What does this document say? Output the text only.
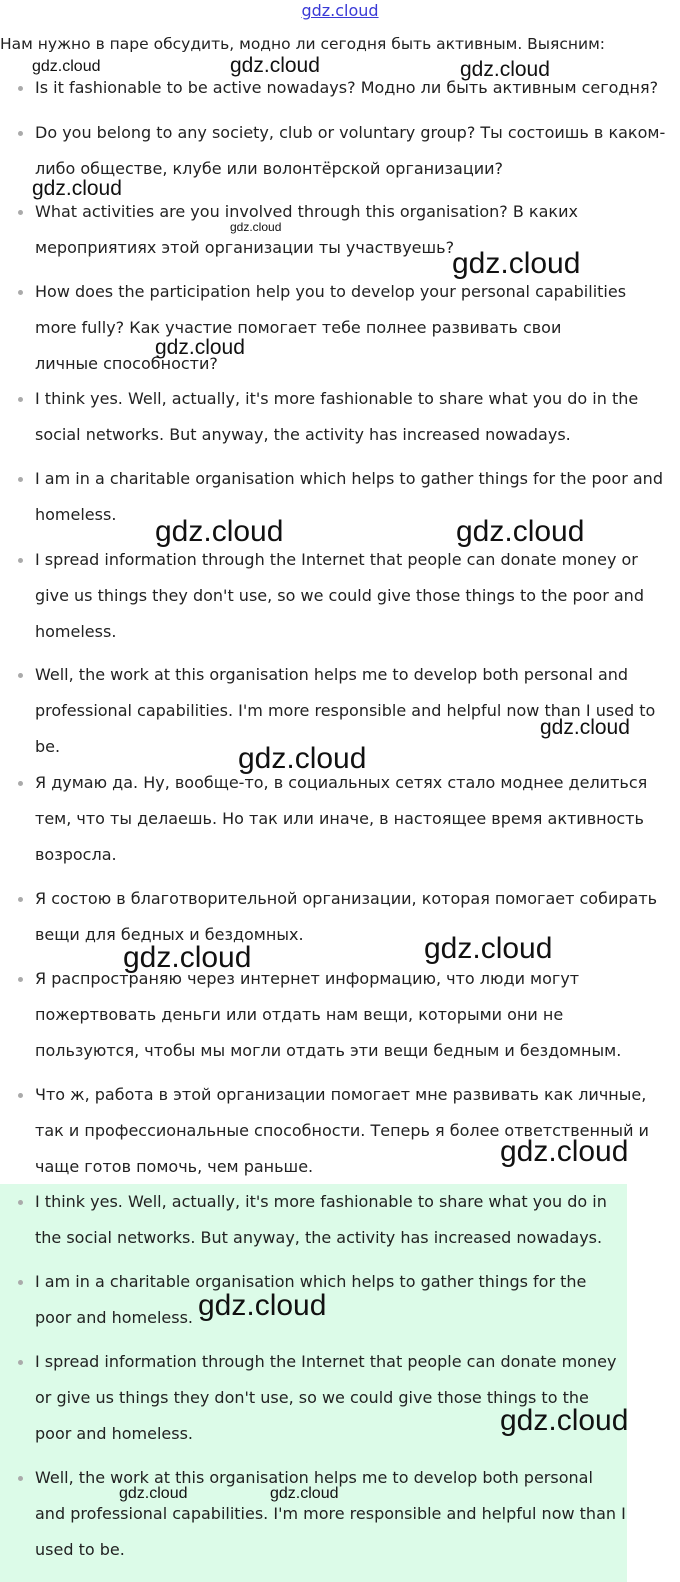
gdz.cloud
Нам нужно в паре обсудить, модно ли сегодня быть активным. Выясним:
Is it fashionable to be active nowadays? Модно ли быть активным сегодня?
Do you belong to any society, club or voluntary group? Ты состоишь в каком-либо обществе, клубе или волонтёрской организации?
What activities are you involved through this organisation? В каких мероприятиях этой организации ты участвуешь?
How does the participation help you to develop your personal capabilities more fully? Как участие помогает тебе полнее развивать свои личные способности?
I think yes. Well, actually, it's more fashionable to share what you do in the social networks. But anyway, the activity has increased nowadays.
I am in a charitable organisation which helps to gather things for the poor and homeless.
I spread information through the Internet that people can donate money or give us things they don't use, so we could give those things to the poor and homeless.
Well, the work at this organisation helps me to develop both personal and professional capabilities. I'm more responsible and helpful now than I used to be.
Я думаю да. Ну, вообще-то, в социальных сетях стало моднее делиться тем, что ты делаешь. Но так или иначе, в настоящее время активность возросла.
Я состою в благотворительной организации, которая помогает собирать вещи для бедных и бездомных.
Я распространяю через интернет информацию, что люди могут пожертвовать деньги или отдать нам вещи, которыми они не пользуются, чтобы мы могли отдать эти вещи бедным и бездомным.
Что ж, работа в этой организации помогает мне развивать как личные, так и профессиональные способности. Теперь я более ответственный и чаще готов помочь, чем раньше.
I think yes. Well, actually, it's more fashionable to share what you do in the social networks. But anyway, the activity has increased nowadays.
I am in a charitable organisation which helps to gather things for the poor and homeless.
I spread information through the Internet that people can donate money or give us things they don't use, so we could give those things to the poor and homeless.
Well, the work at this organisation helps me to develop both personal and professional capabilities. I'm more responsible and helpful now than I used to be.
gdz.cloud	gdz.cloud	gdz.cloud
gdz.cloud
gdz.cloud
gdz.cloud
gdz.cloud
gdz.cloud	gdz.cloud
gdz.cloud
gdz.cloud
gdz.cloud
gdz.cloud
gdz.cloud
gdz.cloud
gdz.cloud
gdz.cloud	gdz.cloud
